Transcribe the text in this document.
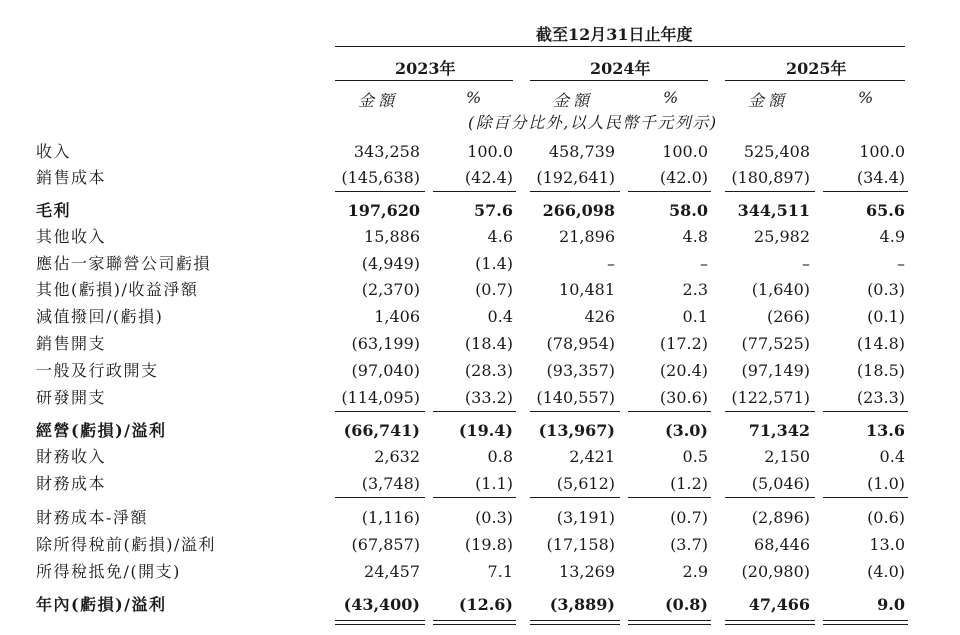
截至12月31日止年度
2023年	2024年	2025年
金額	%	金額	%	金額	%
(除百分比外,以人民幣千元列示)
收入	343,258	100.0	458,739	100.0	525,408	100.0
銷售成本	(145,638)	(42.4)	(192,641)	(42.0)	(180,897)	(34.4)
毛利	197,620	57.6	266,098	58.0	344,511	65.6
其他收入	15,886	4.6	21,896	4.8	25,982	4.9
應佔一家聯營公司虧損	(4,949)	(1.4)	–	–	–	–
其他(虧損)/收益淨額	(2,370)	(0.7)	10,481	2.3	(1,640)	(0.3)
減值撥回/(虧損)	1,406	0.4	426	0.1	(266)	(0.1)
銷售開支	(63,199)	(18.4)	(78,954)	(17.2)	(77,525)	(14.8)
一般及行政開支	(97,040)	(28.3)	(93,357)	(20.4)	(97,149)	(18.5)
研發開支	(114,095)	(33.2)	(140,557)	(30.6)	(122,571)	(23.3)
經營(虧損)/溢利	(66,741)	(19.4)	(13,967)	(3.0)	71,342	13.6
財務收入	2,632	0.8	2,421	0.5	2,150	0.4
財務成本	(3,748)	(1.1)	(5,612)	(1.2)	(5,046)	(1.0)
財務成本-淨額	(1,116)	(0.3)	(3,191)	(0.7)	(2,896)	(0.6)
除所得稅前(虧損)/溢利	(67,857)	(19.8)	(17,158)	(3.7)	68,446	13.0
所得稅抵免/(開支)	24,457	7.1	13,269	2.9	(20,980)	(4.0)
年內(虧損)/溢利	(43,400)	(12.6)	(3,889)	(0.8)	47,466	9.0
